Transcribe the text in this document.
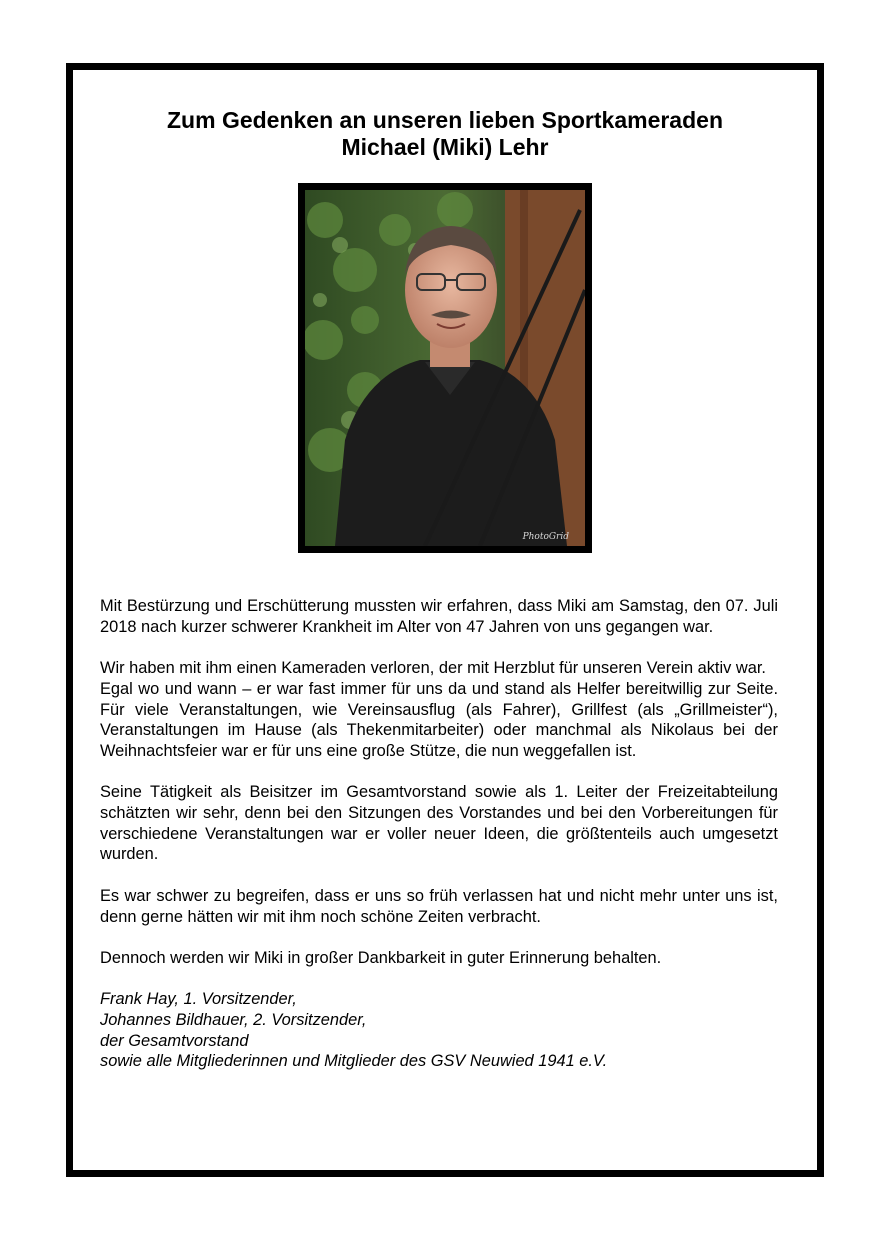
Zum Gedenken an unseren lieben Sportkameraden
Michael (Miki) Lehr
PhotoGrid

Mit Bestürzung und Erschütterung mussten wir erfahren, dass Miki am Samstag, den 07. Juli 2018 nach kurzer schwerer Krankheit im Alter von 47 Jahren von uns gegangen war.

Wir haben mit ihm einen Kameraden verloren, der mit Herzblut für unseren Verein aktiv war.

Egal wo und wann – er war fast immer für uns da und stand als Helfer bereitwillig zur Seite. Für viele Veranstaltungen, wie Vereinsausflug (als Fahrer), Grillfest (als „Grillmeister“), Veranstaltungen im Hause (als Thekenmitarbeiter) oder manchmal als Nikolaus bei der Weihnachtsfeier war er für uns eine große Stütze, die nun weggefallen ist.

Seine Tätigkeit als Beisitzer im Gesamtvorstand sowie als 1. Leiter der Freizeitabteilung schätzten wir sehr, denn bei den Sitzungen des Vorstandes und bei den Vorbereitungen für verschiedene Veranstaltungen war er voller neuer Ideen, die größtenteils auch umgesetzt wurden.

Es war schwer zu begreifen, dass er uns so früh verlassen hat und nicht mehr unter uns ist, denn gerne hätten wir mit ihm noch schöne Zeiten verbracht.

Dennoch werden wir Miki in großer Dankbarkeit in guter Erinnerung behalten.

Frank Hay, 1. Vorsitzender,
Johannes Bildhauer, 2. Vorsitzender,
der Gesamtvorstand
sowie alle Mitgliederinnen und Mitglieder des GSV Neuwied 1941 e.V.
